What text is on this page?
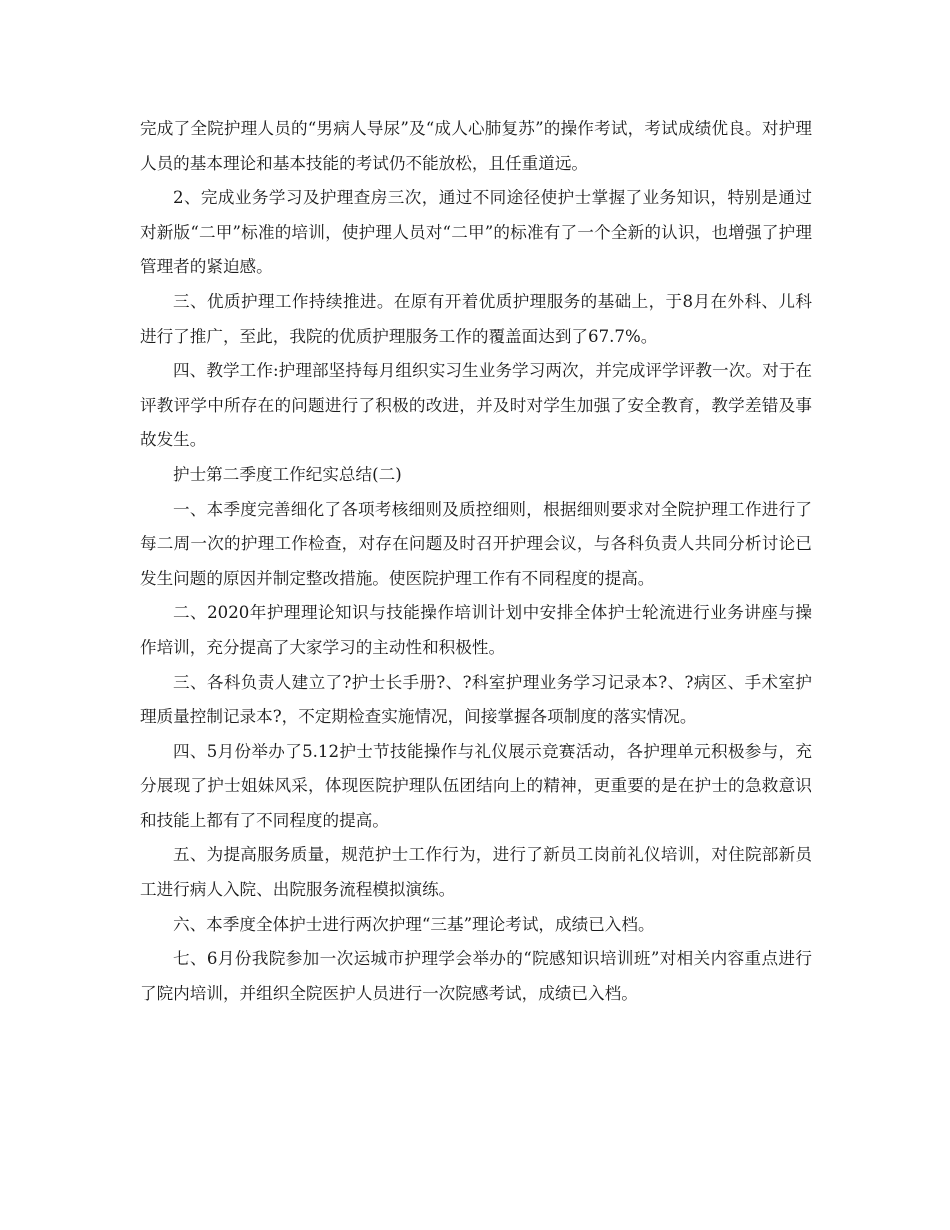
完成了全院护理人员的“男病人导尿”及“成人心肺复苏”的操作考试，考试成绩优良。对护理人员的基本理论和基本技能的考试仍不能放松，且任重道远。

2、完成业务学习及护理查房三次，通过不同途径使护士掌握了业务知识，特别是通过对新版“二甲”标准的培训，使护理人员对“二甲”的标准有了一个全新的认识，也增强了护理管理者的紧迫感。

三、优质护理工作持续推进。在原有开着优质护理服务的基础上，于8月在外科、儿科进行了推广，至此，我院的优质护理服务工作的覆盖面达到了67.7%。

四、教学工作:护理部坚持每月组织实习生业务学习两次，并完成评学评教一次。对于在评教评学中所存在的问题进行了积极的改进，并及时对学生加强了安全教育，教学差错及事故发生。

护士第二季度工作纪实总结(二)

一、本季度完善细化了各项考核细则及质控细则，根据细则要求对全院护理工作进行了每二周一次的护理工作检查，对存在问题及时召开护理会议，与各科负责人共同分析讨论已发生问题的原因并制定整改措施。使医院护理工作有不同程度的提高。

二、2020年护理理论知识与技能操作培训计划中安排全体护士轮流进行业务讲座与操作培训，充分提高了大家学习的主动性和积极性。

三、各科负责人建立了?护士长手册?、?科室护理业务学习记录本?、?病区、手术室护理质量控制记录本?，不定期检查实施情况，间接掌握各项制度的落实情况。

四、5月份举办了5.12护士节技能操作与礼仪展示竞赛活动，各护理单元积极参与，充分展现了护士姐妹风采，体现医院护理队伍团结向上的精神，更重要的是在护士的急救意识和技能上都有了不同程度的提高。

五、为提高服务质量，规范护士工作行为，进行了新员工岗前礼仪培训，对住院部新员工进行病人入院、出院服务流程模拟演练。

六、本季度全体护士进行两次护理“三基”理论考试，成绩已入档。

七、6月份我院参加一次运城市护理学会举办的“院感知识培训班”对相关内容重点进行了院内培训，并组织全院医护人员进行一次院感考试，成绩已入档。
